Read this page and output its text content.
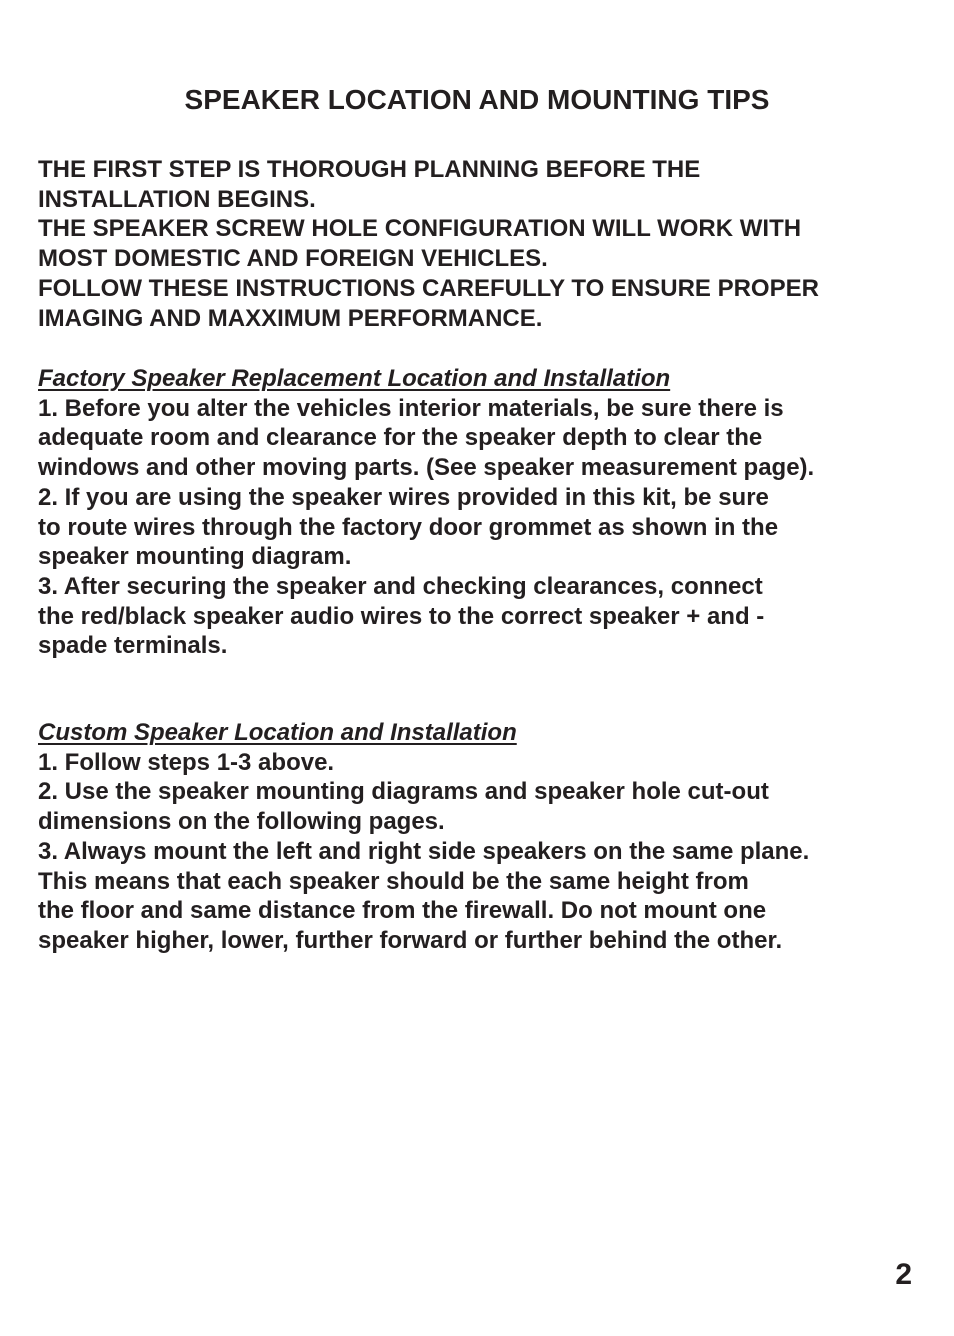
SPEAKER LOCATION AND MOUNTING TIPS
THE FIRST STEP IS THOROUGH PLANNING BEFORE THE
INSTALLATION BEGINS.
THE SPEAKER SCREW HOLE CONFIGURATION WILL WORK WITH
MOST DOMESTIC AND FOREIGN VEHICLES.
FOLLOW THESE INSTRUCTIONS CAREFULLY TO ENSURE PROPER
IMAGING AND MAXXIMUM PERFORMANCE.
Factory Speaker Replacement Location and Installation
1. Before you alter the vehicles interior materials, be sure there is
adequate room and clearance for the speaker depth to clear the
windows and other moving parts. (See speaker measurement page).
2. If you are using the speaker wires provided in this kit, be sure
to route wires through the factory door grommet as shown in the
speaker mounting diagram.
3. After securing the speaker and checking clearances, connect
the red/black speaker audio wires to the correct speaker + and -
spade terminals.
Custom Speaker Location and Installation
1. Follow steps 1-3 above.
2. Use the speaker mounting diagrams and speaker hole cut-out
dimensions on the following pages.
3. Always mount the left and right side speakers on the same plane.
This means that each speaker should be the same height from
the floor and same distance from the firewall. Do not mount one
speaker higher, lower, further forward or further behind the other.
2
